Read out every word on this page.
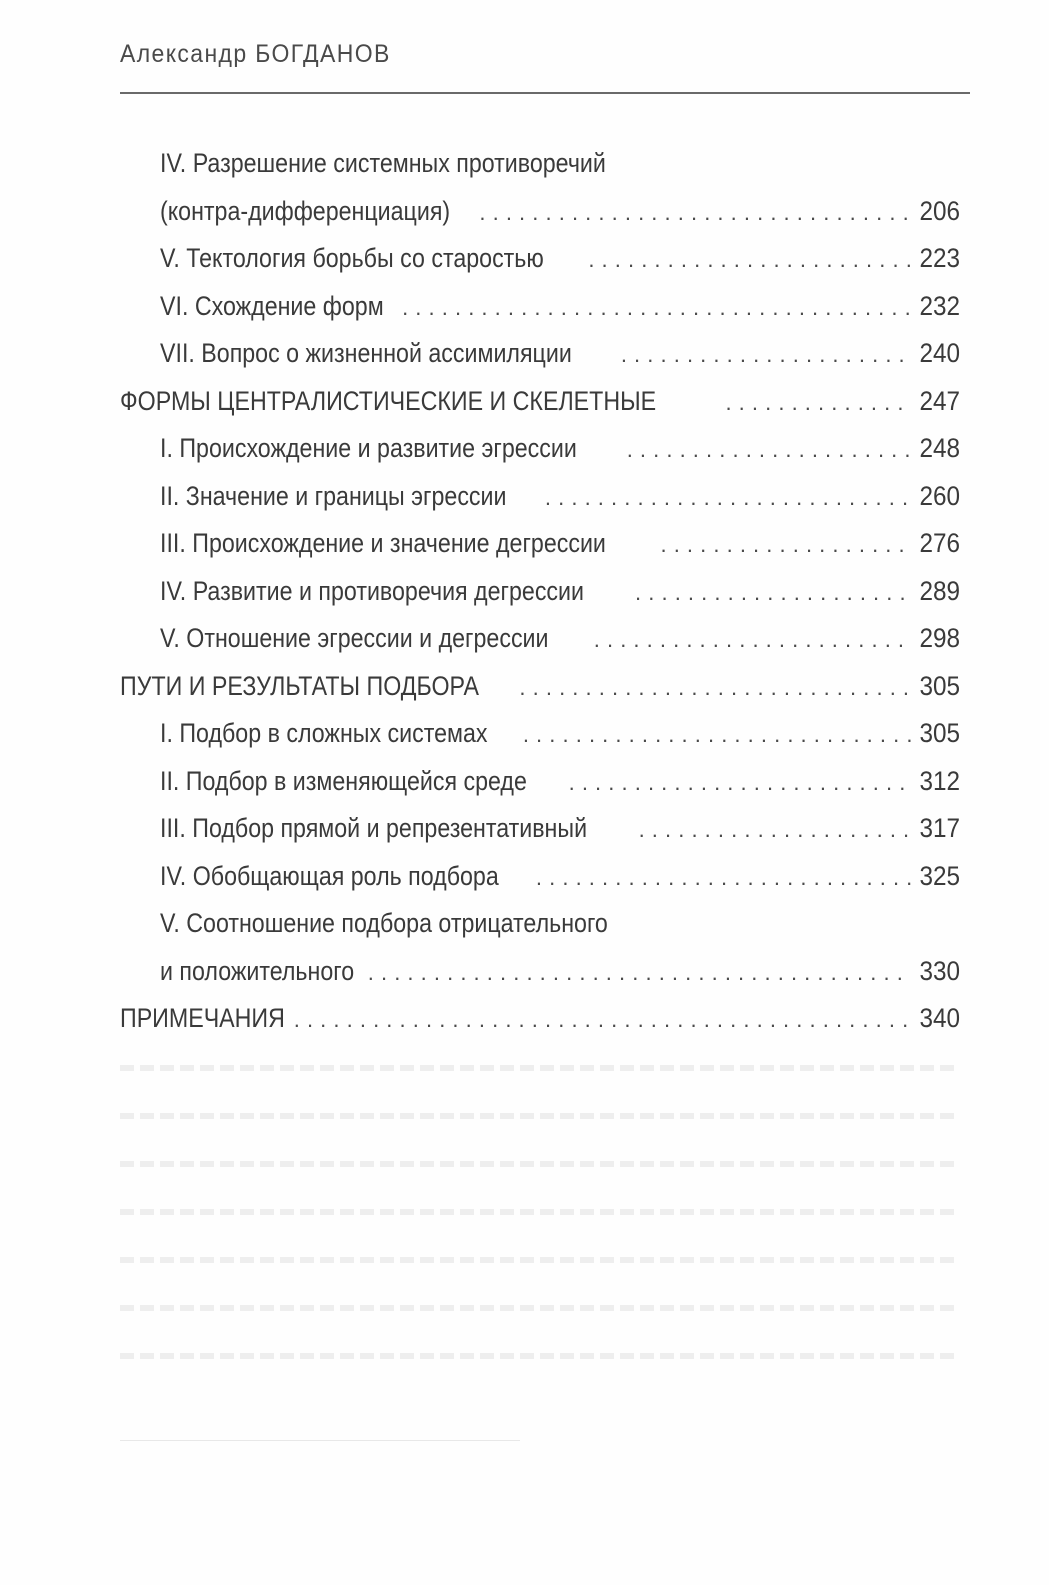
Александр БОГДАНОВ
IV. Разрешение системных противоречий
(контра-дифференциация) . . .	206
V. Тектология борьбы со старостью . . .	223
VI. Схождение форм . . .	232
VII. Вопрос о жизненной ассимиляции . . .	240
ФОРМЫ ЦЕНТРАЛИСТИЧЕСКИЕ И СКЕЛЕТНЫЕ . . .	247
I. Происхождение и развитие эгрессии . . .	248
II. Значение и границы эгрессии . . .	260
III. Происхождение и значение дегрессии . . .	276
IV. Развитие и противоречия дегрессии . . .	289
V. Отношение эгрессии и дегрессии . . .	298
ПУТИ И РЕЗУЛЬТАТЫ ПОДБОРА . . .	305
I. Подбор в сложных системах . . .	305
II. Подбор в изменяющейся среде . . .	312
III. Подбор прямой и репрезентативный . . .	317
IV. Обобщающая роль подбора . . .	325
V. Соотношение подбора отрицательного
и положительного . . .	330
ПРИМЕЧАНИЯ . . .	340
